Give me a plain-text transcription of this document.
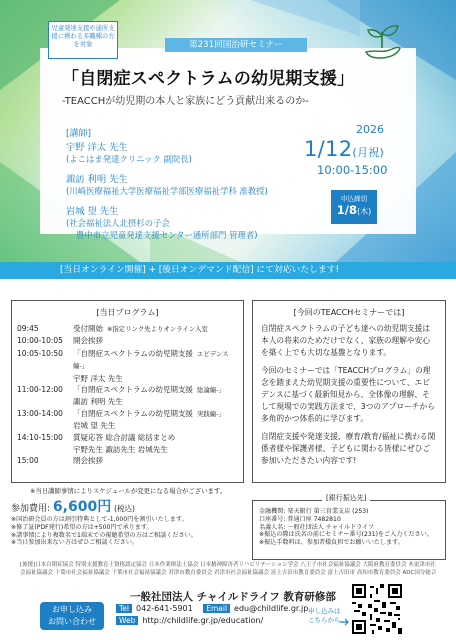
児童発達支援や通所支援に携わる多職種の方を対象	第231回国治研セミナー
「自閉症スペクトラムの幼児期支援」
-TEACCHが幼児期の本人と家族にどう貢献出来るのか-
[講師]
宇野 洋太 先生
(よこはま発達クリニック 副院長)
諏訪 利明 先生
(川崎医療福祉大学医療福祉学部医療福祉学科 准教授)
岩城 望 先生
(社会福祉法人北摂杉の子会
豊中市立児童発達支援センター通所部門 管理者)
2026
1/12(月祝)
10:00-15:00
申込締切
1/8(木)
[当日オンライン開催] + [後日オンデマンド配信] にて対応いたします!
[当日プログラム]
09:45	受付開始 ※指定リンク先よりオンライン入室
10:00-10:05	開会挨拶
10:05-10:50	「自閉症スペクトラムの幼児期支援 エビデンス編-」
宇野 洋太 先生
11:00-12:00	「自閉症スペクトラムの幼児期支援 総論編-」
諏訪 利明 先生
13:00-14:00	「自閉症スペクトラムの幼児期支援 実践編-」
岩城 望 先生
14:10-15:00	質疑応答 総合討議 総括まとめ
宇野先生 諏訪先生 岩城先生
15:00	閉会挨拶
※当日講師事情によりスケジュールが変更になる場合がございます。
[今回のTEACCHセミナーでは]

自閉症スペクトラムの子ども達への幼児期支援は本人の将来のためだけでなく、家族の理解や安心を築く上でも大切な基盤となります。

今回のセミナーでは「TEACCHプログラム」の理念を踏まえた幼児期支援の重要性について、エビデンスに基づく最新知見から、全体像の理解、そして現場での実践方法まで、3つのアプローチから多角的かつ体系的に学びます。

自閉症支援や発達支援、療育/教育/福祉に携わる関係者様や保護者様、子どもに関わる皆様にぜひご参加いただきたい内容です!

参加費用: 6,600円 (税込)
※国治研会員の方は割引特典として-1,000円を割引いたします。
※修了証(PDF発行)希望の方は+500円で承ります。
※諸事情により複数名で1端末での視聴希望の方はご相談ください。
※当日参加出来ない方はぜひご相談ください。
金融機関: 楽天銀行 第三営業支店 (253)
口座番号: 普通口座 7482810
名義人名: 一般社団法人 チャイルドライフ
※振込の際は氏名の前にセミナー番号(231)をご入力ください。
※振込手数料は、参加者様負担でお願いいたします。
[銀行振込先]
[後援]日本自閉症協会 特別支援教育士資格認定協会 日本作業療法士協会 日本精神障害者リハビリテーション学会 八王子市社会福祉協議会 大阪府教育委員会 木更津市社会福祉協議会 千葉市社会福祉協議会 千葉市社会福祉協議会 君津市教育委員会 君津市社会福祉協議会 富士吉田市教育委員会 富士吉田市 高知市教育委員会 ADC国分総合
一般社団法人 チャイルドライフ 教育研修部
お申し込み
お問い合わせ
Tel 042-641-5901 Email edu@childlife.gr.jp
Web http://childlife.gr.jp/education/
申し込みは
こちらから
